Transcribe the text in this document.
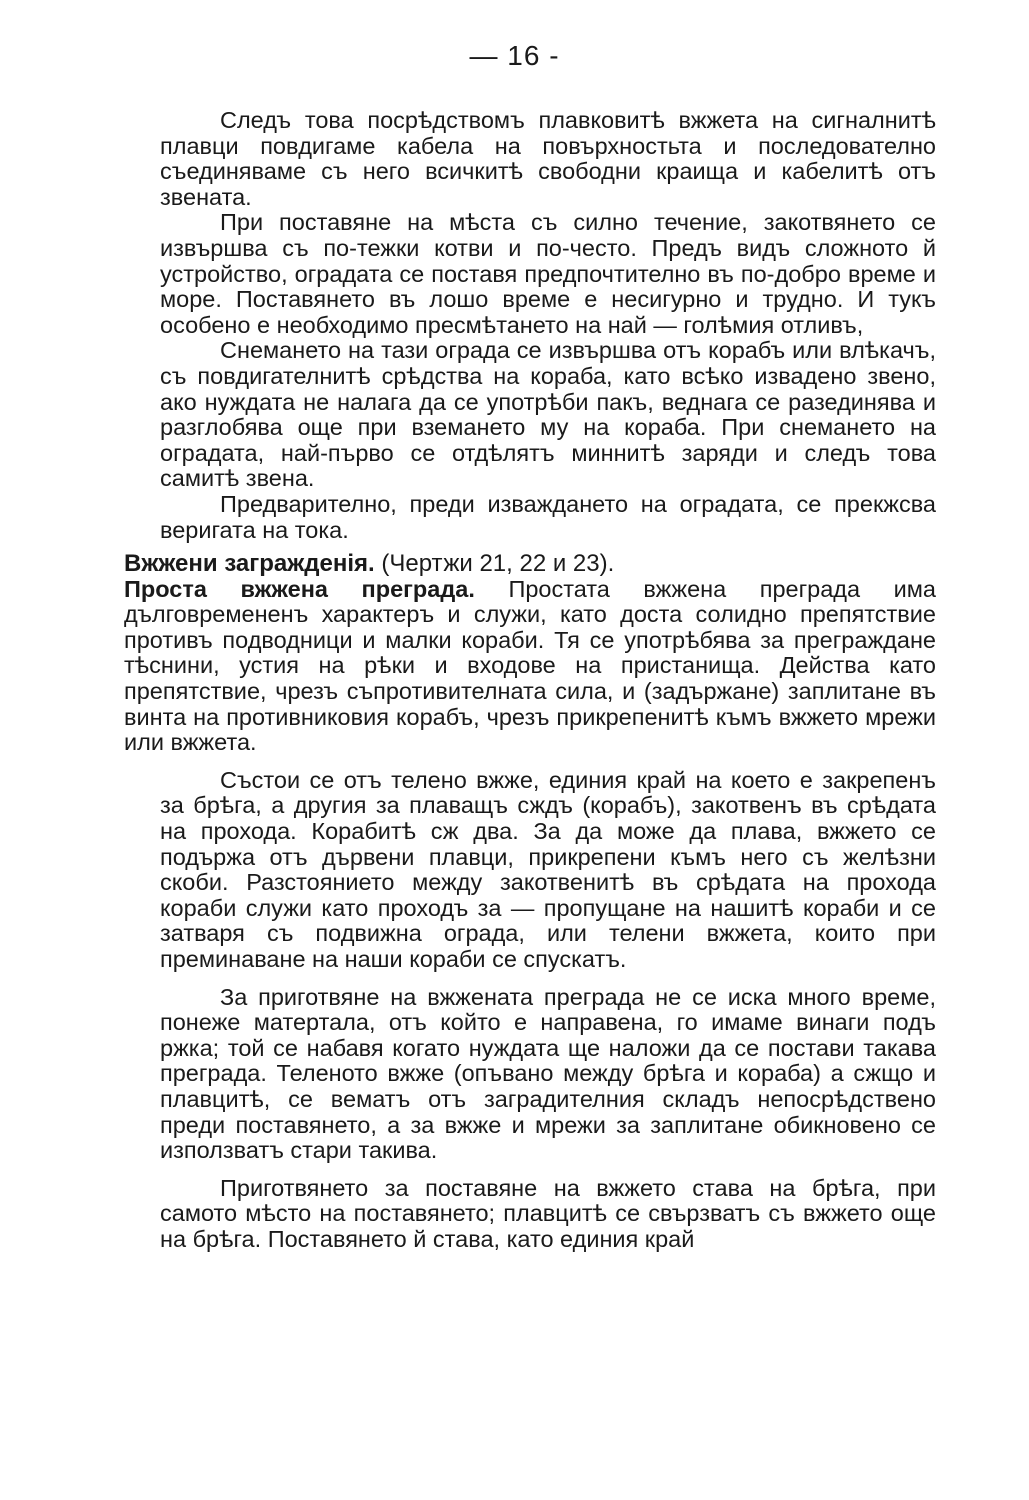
— 16 -

Следъ това посрѣдствомъ плавковитѣ вжжета на сигналнитѣ плавци повдигаме кабела на повърхностьта и последователно съединяваме съ него всичкитѣ свободни краища и кабелитѣ отъ звената.

При поставяне на мѣста съ силно течение, закотвянето се извършва съ по-тежки котви и по-често. Предъ видъ сложното й устройство, оградата се поставя предпочтително въ по-добро време и море. Поставянето въ лошо време е несигурно и трудно. И тукъ особено е необходимо пресмѣтането на най — голѣмия отливъ,

Снемането на тази ограда се извършва отъ корабъ или влѣкачъ, съ повдигателнитѣ срѣдства на кораба, като всѣко извадено звено, ако нуждата не налага да се употрѣби пакъ, веднага се разединява и разглобява още при вземането му на кораба. При снемането на оградата, най-първо се отдѣлятъ миннитѣ заряди и следъ това самитѣ звена.

Предварително, преди изваждането на оградата, се прекжсва веригата на тока.

Вжжени загражденія. (Чертжи 21, 22 и 23).

Проста вжжена преграда. Простата вжжена преграда има дълговремененъ характеръ и служи, като доста солидно препятствие противъ подводници и малки кораби. Тя се употрѣбява за преграждане тѣснини, устия на рѣки и входове на пристанища. Действа като препятствие, чрезъ съпротивителната сила, и (задържане) заплитане въ винта на противниковия корабъ, чрезъ прикрепенитѣ къмъ вжжето мрежи или вжжета.

Състои се отъ телено вжже, единия край на което е закрепенъ за брѣга, а другия за плаващъ сждъ (корабъ), закотвенъ въ срѣдата на прохода. Корабитѣ сж два. За да може да плава, вжжето се подържа отъ дървени плавци, прикрепени къмъ него съ желѣзни скоби. Разстоянието между закотвенитѣ въ срѣдата на прохода кораби служи като проходъ за — пропущане на нашитѣ кораби и се затваря съ подвижна ограда, или телени вжжета, които при преминаване на наши кораби се спускатъ.

За приготвяне на вжжената преграда не се иска много време, понеже матертала, отъ който е направена, го имаме винаги подъ ржка; той се набавя когато нуждата ще наложи да се постави такава преграда. Теленото вжже (опъвано между брѣга и кораба) а сжщо и плавцитѣ, се вематъ отъ заградителния складъ непосрѣдствено преди поставянето, а за вжже и мрежи за заплитане обикновено се използватъ стари такива.

Приготвянето за поставяне на вжжето става на брѣга, при самото мѣсто на поставянето; плавцитѣ се свързватъ съ вжжето още на брѣга. Поставянето й става, като единия край
